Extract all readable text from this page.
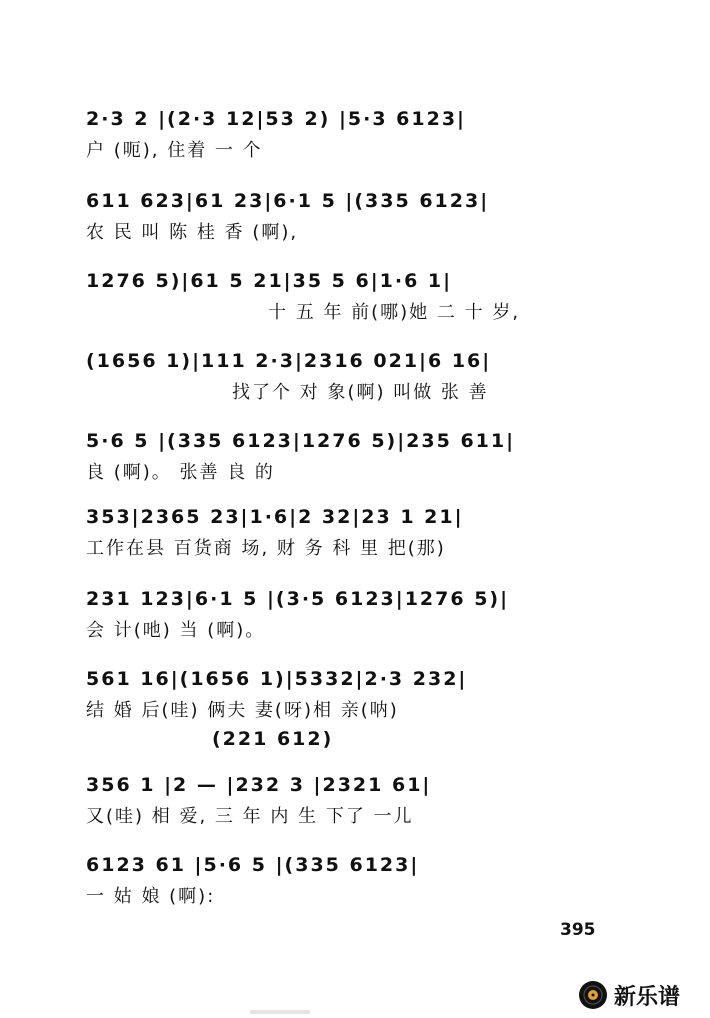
2·3 2 |(2·3 12|53 2) |5·3 6123|
户 (呃), 住着 一 个
611 623|61 23|6·1 5 |(335 6123|
农 民 叫 陈 桂 香 (啊),
1276 5)|61 5 21|35 5 6|1·6 1|
十 五 年 前(哪)她 二 十 岁,
(1656 1)|111 2·3|2316 021|6 16|
找了个 对 象(啊) 叫做 张 善
5·6 5 |(335 6123|1276 5)|235 611|
良 (啊)。 张善 良 的
353|2365 23|1·6|2 32|23 1 21|
工作在县 百货商 场, 财 务 科 里 把(那)
231 123|6·1 5 |(3·5 6123|1276 5)|
会 计(吔) 当 (啊)。
561 16|(1656 1)|5332|2·3 232|
结 婚 后(哇) 俩夫 妻(呀)相 亲(呐)
(221 612)
356 1 |2 — |232 3 |2321 61|
又(哇) 相 爱, 三 年 内 生 下了 一儿
6123 61 |5·6 5 |(335 6123|
一 姑 娘 (啊):
395
新乐谱
